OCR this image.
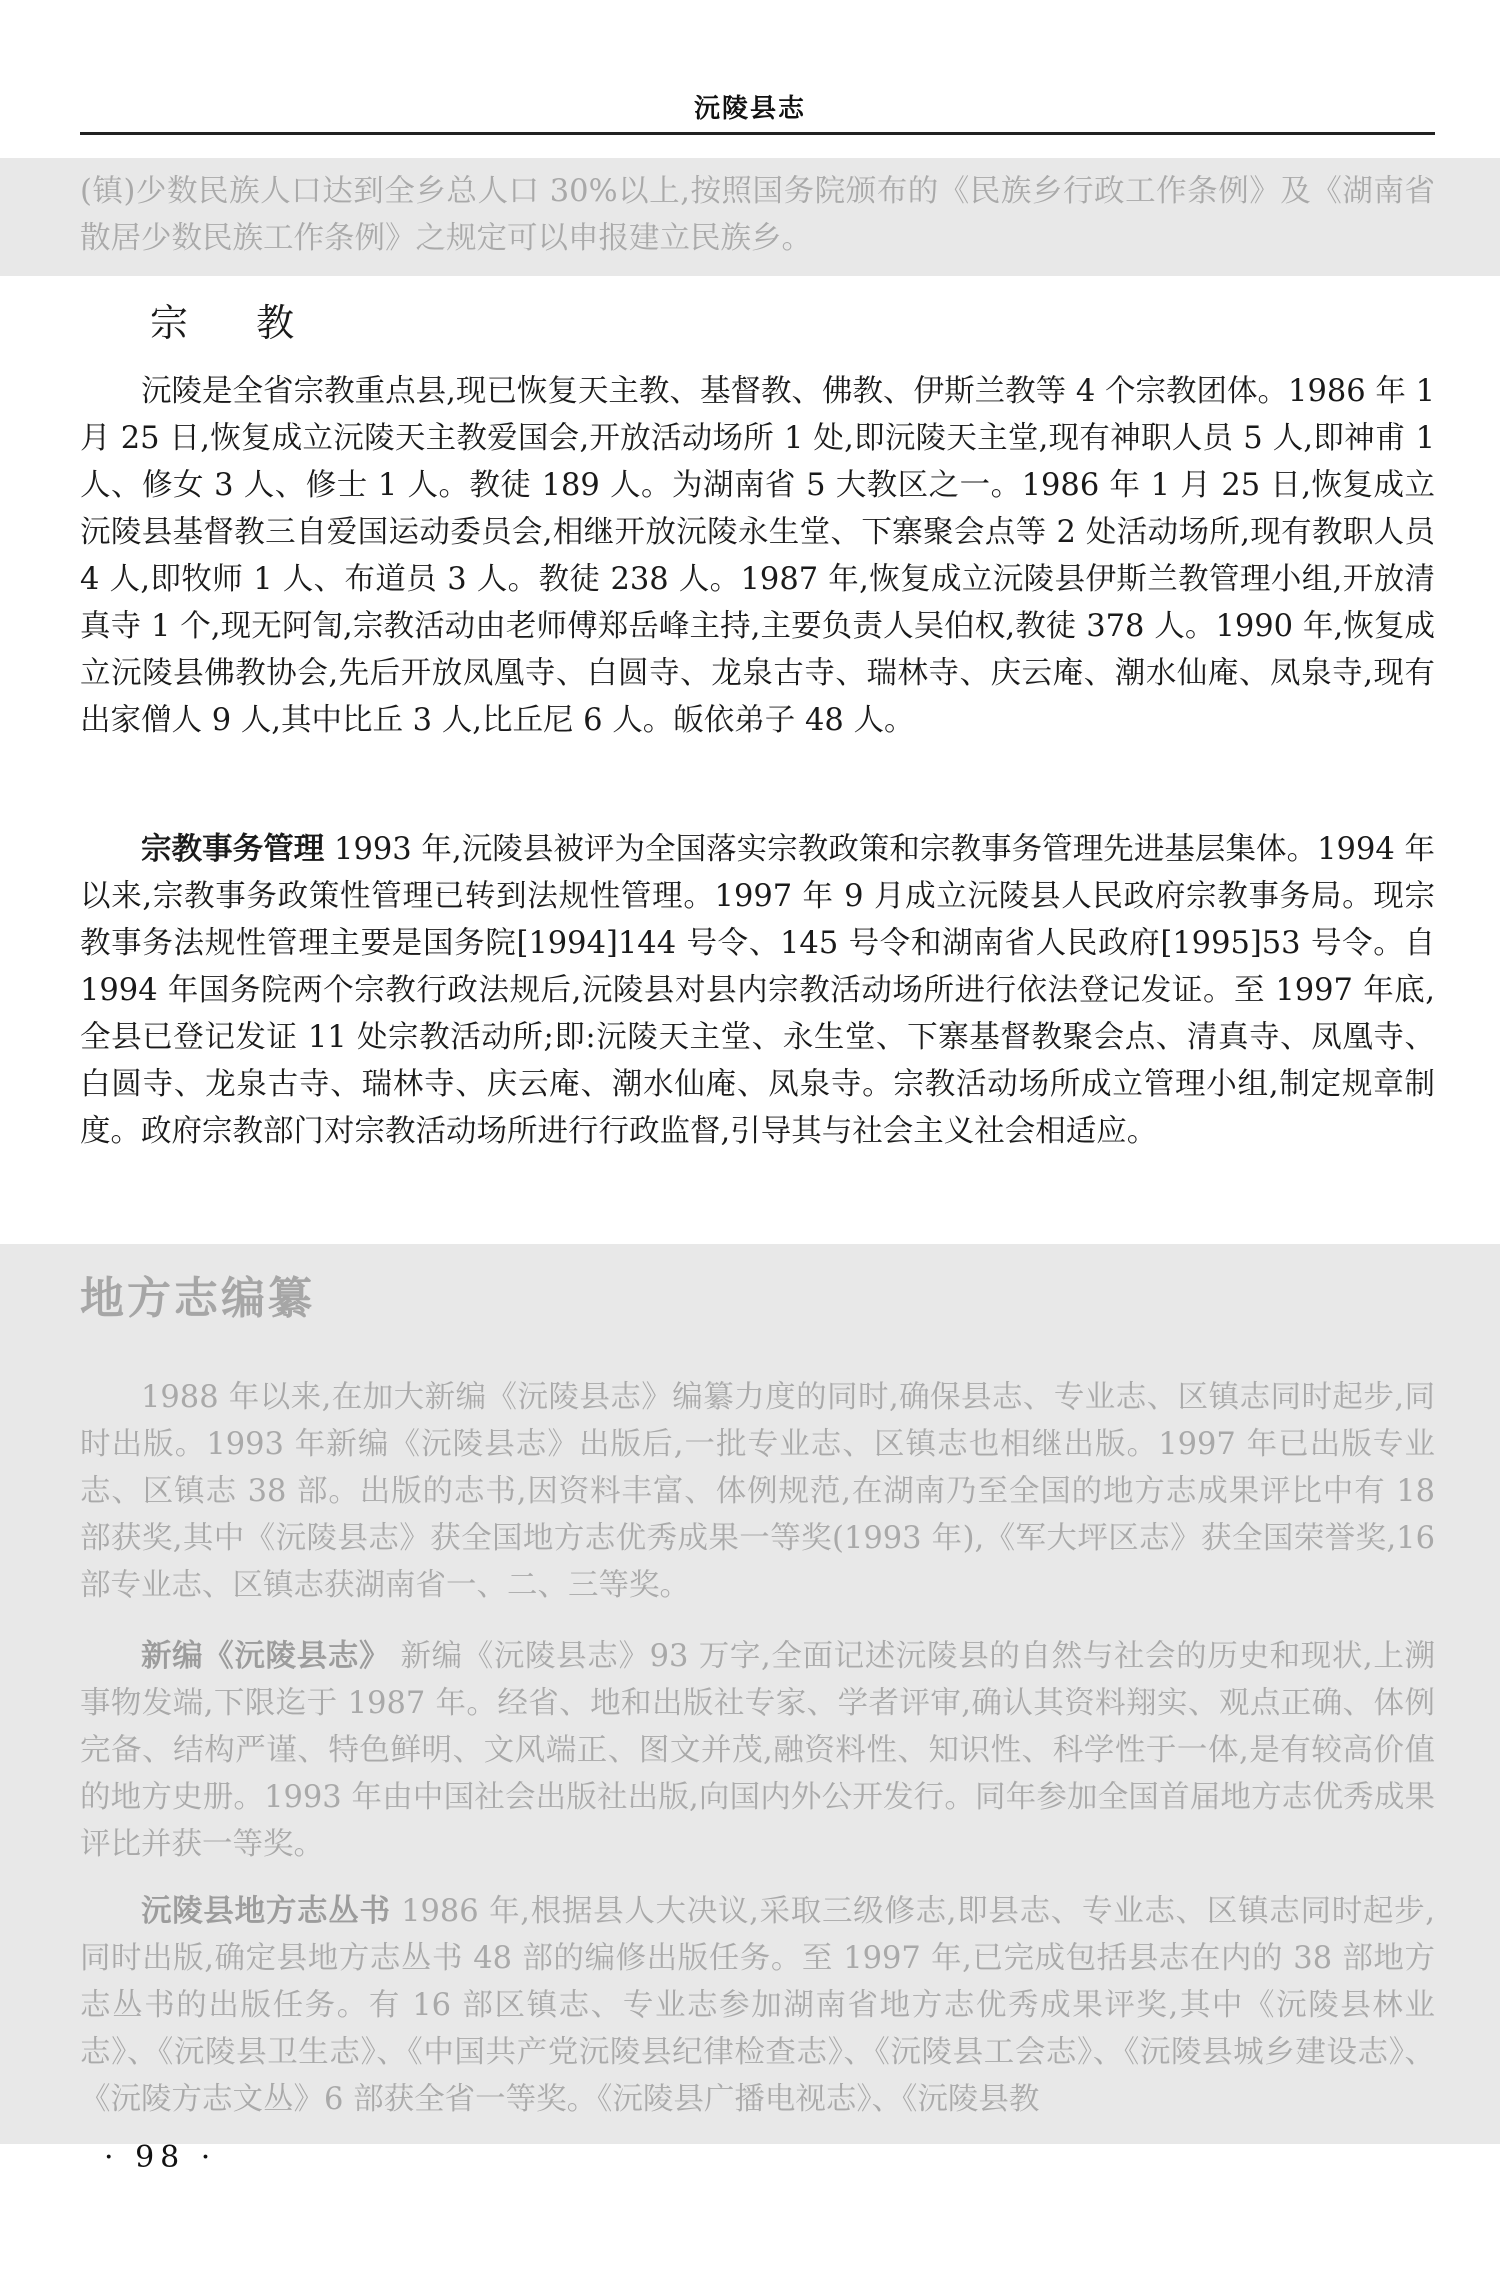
沅陵县志

(镇)少数民族人口达到全乡总人口 30%以上,按照国务院颁布的《民族乡行政工作条例》及《湖南省散居少数民族工作条例》之规定可以申报建立民族乡。

宗 教

沅陵是全省宗教重点县,现已恢复天主教、基督教、佛教、伊斯兰教等 4 个宗教团体。1986 年 1 月 25 日,恢复成立沅陵天主教爱国会,开放活动场所 1 处,即沅陵天主堂,现有神职人员 5 人,即神甫 1 人、修女 3 人、修士 1 人。教徒 189 人。为湖南省 5 大教区之一。1986 年 1 月 25 日,恢复成立沅陵县基督教三自爱国运动委员会,相继开放沅陵永生堂、下寨聚会点等 2 处活动场所,现有教职人员 4 人,即牧师 1 人、布道员 3 人。教徒 238 人。1987 年,恢复成立沅陵县伊斯兰教管理小组,开放清真寺 1 个,现无阿訇,宗教活动由老师傅郑岳峰主持,主要负责人吴伯权,教徒 378 人。1990 年,恢复成立沅陵县佛教协会,先后开放凤凰寺、白圆寺、龙泉古寺、瑞林寺、庆云庵、潮水仙庵、凤泉寺,现有出家僧人 9 人,其中比丘 3 人,比丘尼 6 人。皈依弟子 48 人。

宗教事务管理 1993 年,沅陵县被评为全国落实宗教政策和宗教事务管理先进基层集体。1994 年以来,宗教事务政策性管理已转到法规性管理。1997 年 9 月成立沅陵县人民政府宗教事务局。现宗教事务法规性管理主要是国务院[1994]144 号令、145 号令和湖南省人民政府[1995]53 号令。自 1994 年国务院两个宗教行政法规后,沅陵县对县内宗教活动场所进行依法登记发证。至 1997 年底,全县已登记发证 11 处宗教活动所;即:沅陵天主堂、永生堂、下寨基督教聚会点、清真寺、凤凰寺、白圆寺、龙泉古寺、瑞林寺、庆云庵、潮水仙庵、凤泉寺。宗教活动场所成立管理小组,制定规章制度。政府宗教部门对宗教活动场所进行行政监督,引导其与社会主义社会相适应。

地方志编纂

1988 年以来,在加大新编《沅陵县志》编纂力度的同时,确保县志、专业志、区镇志同时起步,同时出版。1993 年新编《沅陵县志》出版后,一批专业志、区镇志也相继出版。1997 年已出版专业志、区镇志 38 部。出版的志书,因资料丰富、体例规范,在湖南乃至全国的地方志成果评比中有 18 部获奖,其中《沅陵县志》获全国地方志优秀成果一等奖(1993 年),《军大坪区志》获全国荣誉奖,16 部专业志、区镇志获湖南省一、二、三等奖。

新编《沅陵县志》 新编《沅陵县志》93 万字,全面记述沅陵县的自然与社会的历史和现状,上溯事物发端,下限迄于 1987 年。经省、地和出版社专家、学者评审,确认其资料翔实、观点正确、体例完备、结构严谨、特色鲜明、文风端正、图文并茂,融资料性、知识性、科学性于一体,是有较高价值的地方史册。1993 年由中国社会出版社出版,向国内外公开发行。同年参加全国首届地方志优秀成果评比并获一等奖。

沅陵县地方志丛书 1986 年,根据县人大决议,采取三级修志,即县志、专业志、区镇志同时起步,同时出版,确定县地方志丛书 48 部的编修出版任务。至 1997 年,已完成包括县志在内的 38 部地方志丛书的出版任务。有 16 部区镇志、专业志参加湖南省地方志优秀成果评奖,其中《沅陵县林业志》、《沅陵县卫生志》、《中国共产党沅陵县纪律检查志》、《沅陵县工会志》、《沅陵县城乡建设志》、《沅陵方志文丛》6 部获全省一等奖。《沅陵县广播电视志》、《沅陵县教

· 98 ·
